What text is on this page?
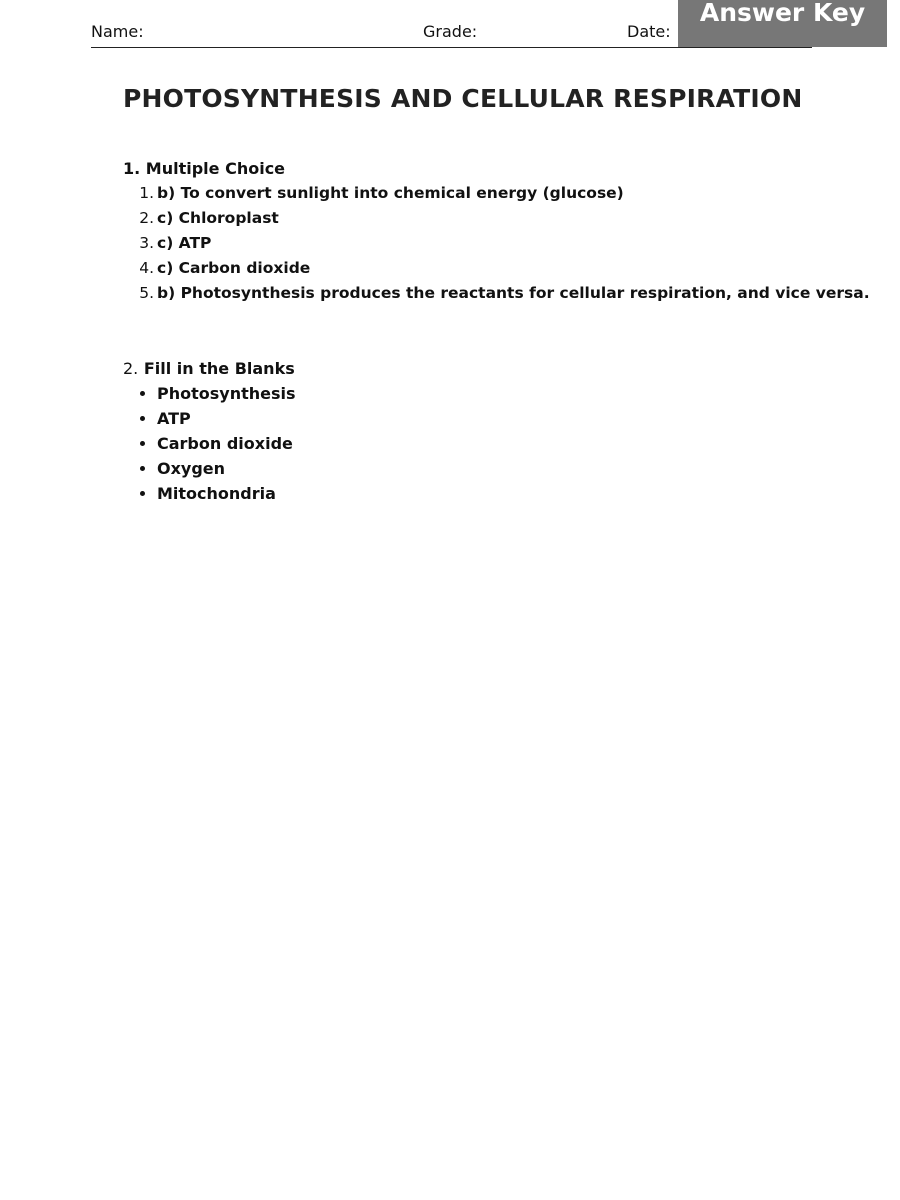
Name:	Grade:	Date:
Answer Key
PHOTOSYNTHESIS AND CELLULAR RESPIRATION
1. Multiple Choice
1. b) To convert sunlight into chemical energy (glucose)
2. c) Chloroplast
3. c) ATP
4. c) Carbon dioxide
5. b) Photosynthesis produces the reactants for cellular respiration, and vice versa.
2. Fill in the Blanks
Photosynthesis
ATP
Carbon dioxide
Oxygen
Mitochondria
